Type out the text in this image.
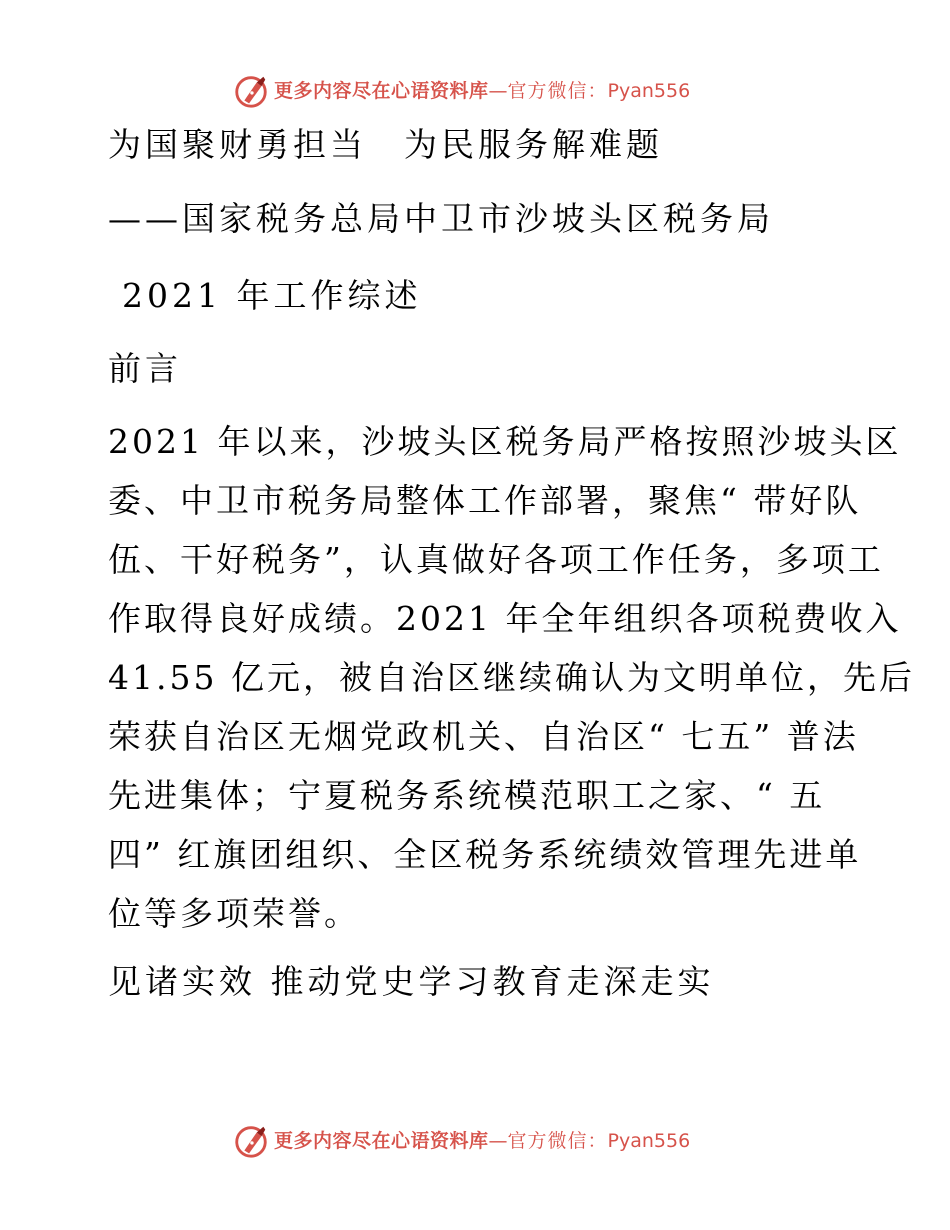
更多内容尽在心语资料库 — 官方微信： Pyan556
为国聚财勇担当　为民服务解难题
——国家税务总局中卫市沙坡头区税务局
2021 年工作综述
前言
2021 年以来，沙坡头区税务局严格按照沙坡头区
委、中卫市税务局整体工作部署，聚焦“ 带好队
伍、干好税务”，认真做好各项工作任务，多项工
作取得良好成绩。2021 年全年组织各项税费收入
41.55 亿元，被自治区继续确认为文明单位，先后
荣获自治区无烟党政机关、自治区“ 七五” 普法
先进集体；宁夏税务系统模范职工之家、“ 五
四” 红旗团组织、全区税务系统绩效管理先进单
位等多项荣誉。
见诸实效 推动党史学习教育走深走实
更多内容尽在心语资料库 — 官方微信： Pyan556
